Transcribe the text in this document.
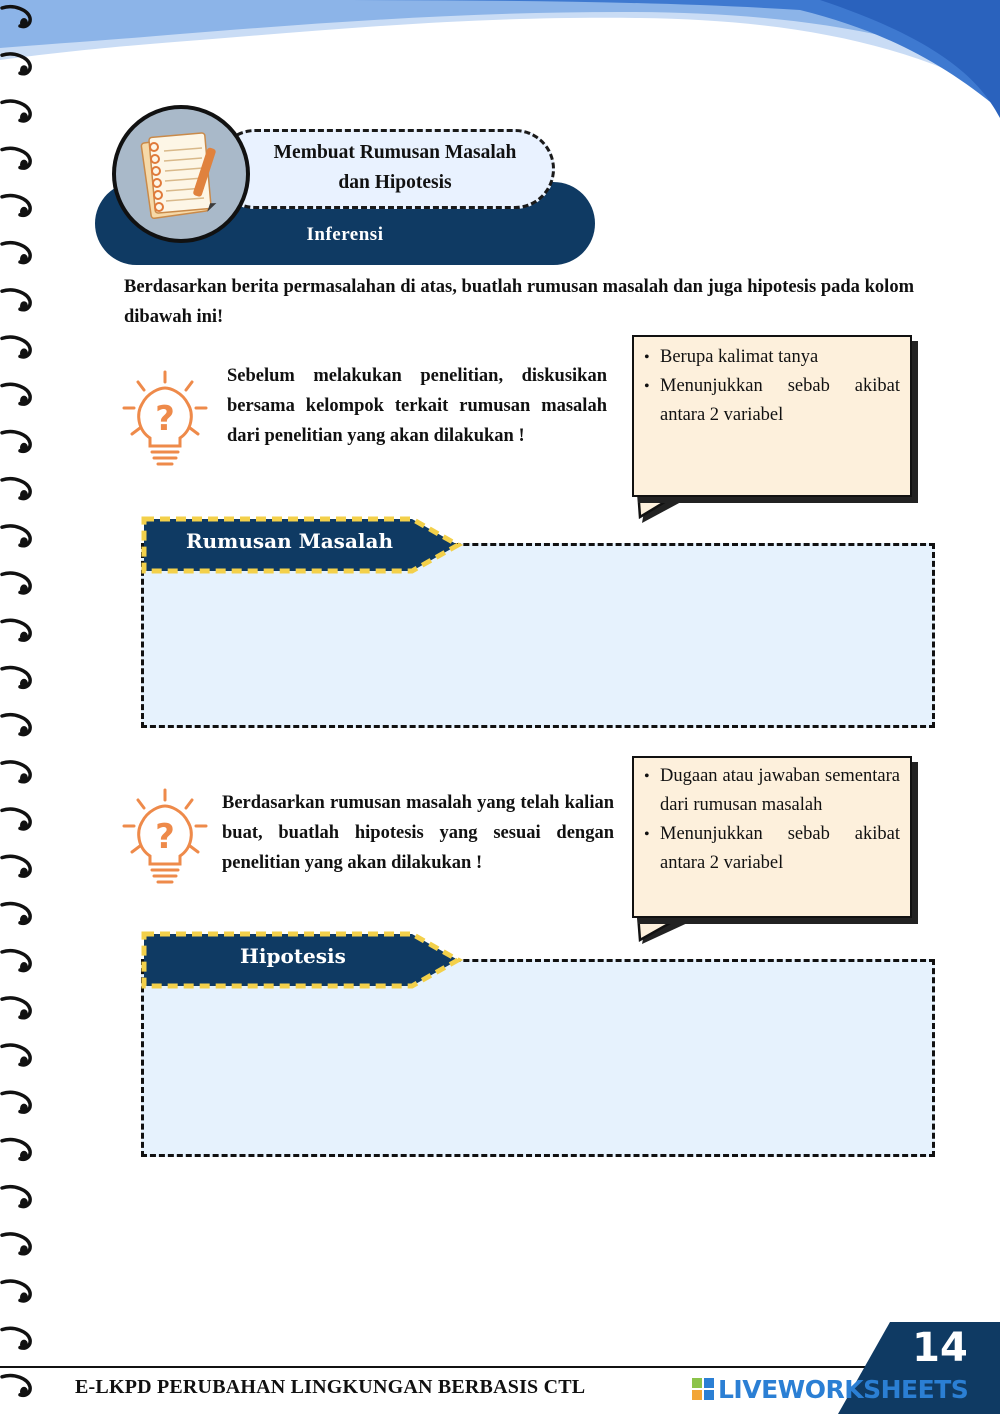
Membuat Rumusan Masalah
dan Hipotesis
Inferensi

Berdasarkan berita permasalahan di atas, buatlah rumusan masalah dan juga hipotesis pada kolom dibawah ini!

?
Sebelum melakukan penelitian, diskusikan bersama kelompok terkait rumusan masalah dari penelitian yang akan dilakukan !
• Berupa kalimat tanya
• Menunjukkan sebab akibat antara 2 variabel
Rumusan Masalah
?
Berdasarkan rumusan masalah yang telah kalian buat, buatlah hipotesis yang sesuai dengan penelitian yang akan dilakukan !
• Dugaan atau jawaban sementara dari rumusan masalah
• Menunjukkan sebab akibat antara 2 variabel
Hipotesis
E-LKPD PERUBAHAN LINGKUNGAN BERBASIS CTL
14
LIVEWORKSHEETS
